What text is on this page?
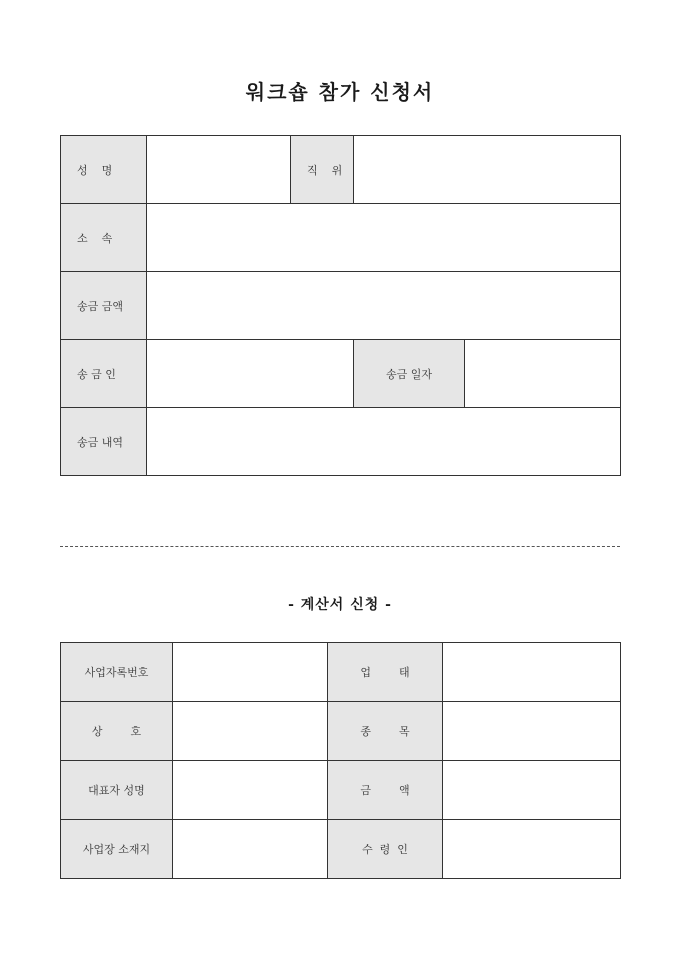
워크숍 참가 신청서
성    명		직    위		
소    속				
송금 금액				
송 금 인			송금 일자	
송금 내역				
- 계산서 신청 -
사업자록번호		업        태	
상        호		종        목	
대표자 성명		금        액	
사업장 소재지		수  령  인	
